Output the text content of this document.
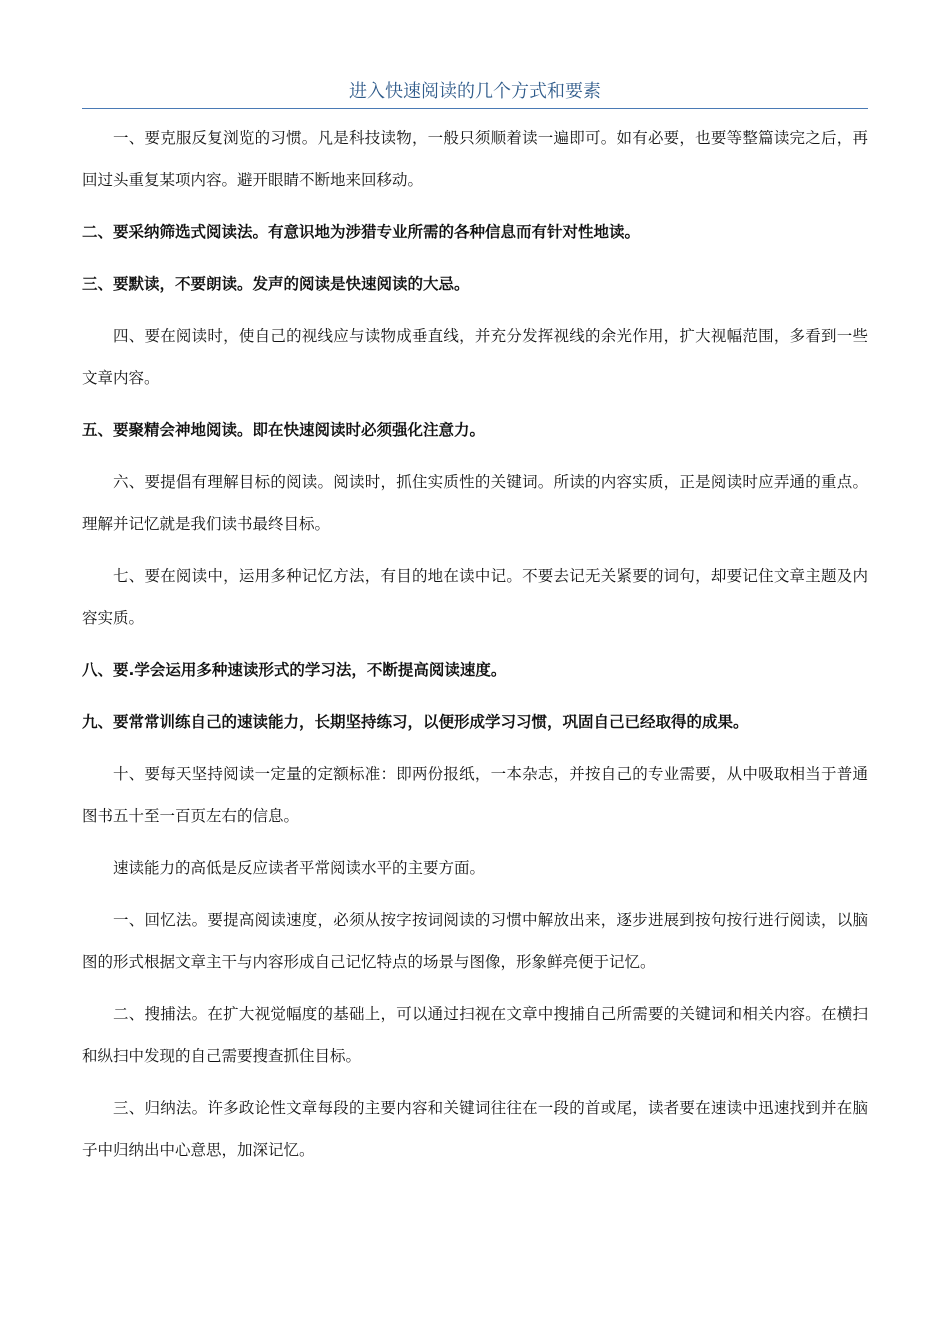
进入快速阅读的几个方式和要素

一、要克服反复浏览的习惯。凡是科技读物，一般只须顺着读一遍即可。如有必要，也要等整篇读完之后，再回过头重复某项内容。避开眼睛不断地来回移动。

二、要采纳筛选式阅读法。有意识地为涉猎专业所需的各种信息而有针对性地读。

三、要默读，不要朗读。发声的阅读是快速阅读的大忌。

四、要在阅读时，使自己的视线应与读物成垂直线，并充分发挥视线的余光作用，扩大视幅范围，多看到一些文章内容。

五、要聚精会神地阅读。即在快速阅读时必须强化注意力。

六、要提倡有理解目标的阅读。阅读时，抓住实质性的关键词。所读的内容实质，正是阅读时应弄通的重点。理解并记忆就是我们读书最终目标。

七、要在阅读中，运用多种记忆方法，有目的地在读中记。不要去记无关紧要的词句，却要记住文章主题及内容实质。

八、要.学会运用多种速读形式的学习法，不断提高阅读速度。

九、要常常训练自己的速读能力，长期坚持练习，以便形成学习习惯，巩固自己已经取得的成果。

十、要每天坚持阅读一定量的定额标准：即两份报纸，一本杂志，并按自己的专业需要，从中吸取相当于普通图书五十至一百页左右的信息。

速读能力的高低是反应读者平常阅读水平的主要方面。

一、回忆法。要提高阅读速度，必须从按字按词阅读的习惯中解放出来，逐步进展到按句按行进行阅读，以脑图的形式根据文章主干与内容形成自己记忆特点的场景与图像，形象鲜亮便于记忆。

二、搜捕法。在扩大视觉幅度的基础上，可以通过扫视在文章中搜捕自己所需要的关键词和相关内容。在横扫和纵扫中发现的自己需要搜查抓住目标。

三、归纳法。许多政论性文章每段的主要内容和关键词往往在一段的首或尾，读者要在速读中迅速找到并在脑子中归纳出中心意思，加深记忆。
